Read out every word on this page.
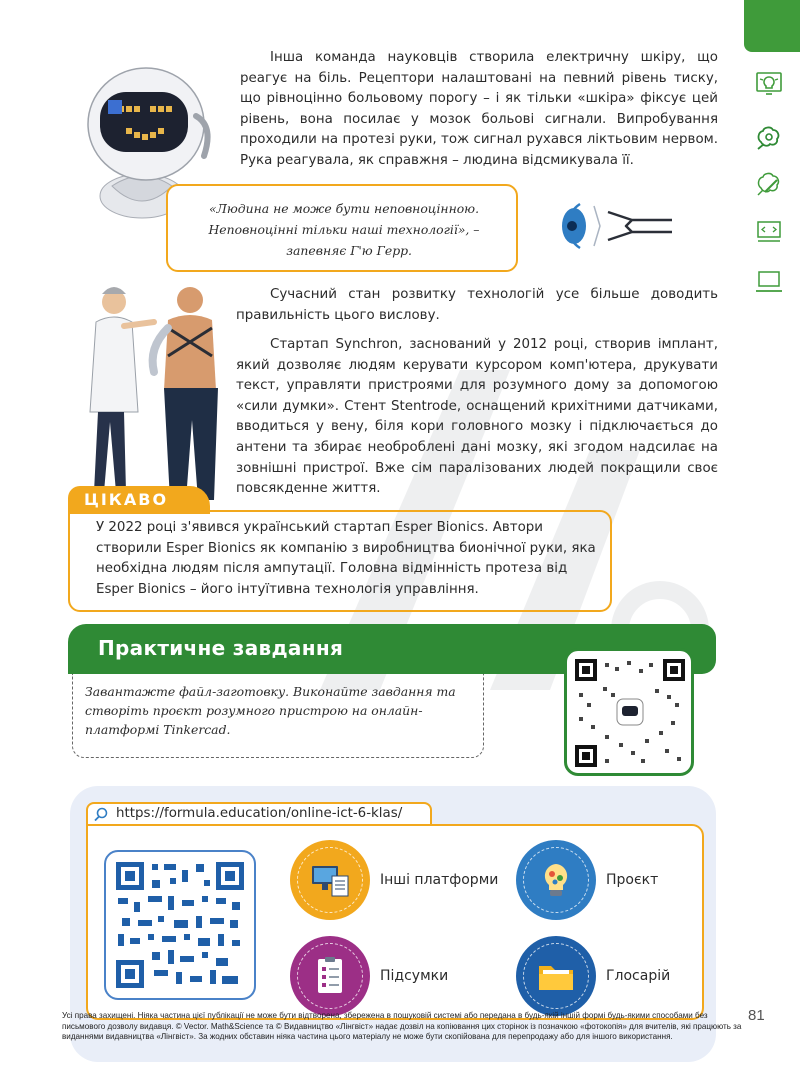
Інша команда науковців створила електричну шкіру, що реагує на біль. Рецептори налаштовані на певний рівень тиску, що рівноцінно больовому порогу – і як тільки «шкіра» фіксує цей рівень, вона посилає у мозок больові сигнали. Випробування проходили на протезі руки, тож сигнал рухався ліктьовим нервом. Рука реагувала, як справжня – людина відсмикувала її.

«Людина не може бути неповноцінною.
Неповноцінні тільки наші технології», –
запевняє Г'ю Герр.

Сучасний стан розвитку технологій усе більше доводить правильність цього вислову.

Стартап Synchron, заснований у 2012 році, створив імплант, який дозволяє людям керувати курсором комп'ютера, друкувати текст, управляти пристроями для розумного дому за допомогою «сили думки». Стент Stentrode, оснащений крихітними датчиками, вводиться у вену, біля кори головного мозку і підключається до антени та збирає необроблені дані мозку, які згодом надсилає на зовнішні пристрої. Вже сім паралізованих людей покращили своє повсякденне життя.

ЦІКАВО

У 2022 році з'явився український стартап Esper Bionics. Автори створили Esper Bionics як компанію з виробництва бионічної руки, яка необхідна людям після ампутації. Головна відмінність протеза від Esper Bionics – його інтуїтивна технологія управління.

Практичне завдання

Завантажте файл-заготовку. Виконайте завдання та створіть проєкт розумного пристрою на онлайн-платформі Tinkercad.

https://formula.education/online-ict-6-klas/
Інші платформи	Проєкт
Підсумки	Глосарій

Усі права захищені. Ніяка частина цієї публікації не може бути відтворена, збережена в пошуковій системі або передана в будь-якій іншій формі будь-якими способами без письмового дозволу видавця. © Vector. Math&Science та © Видавництво «Лінгвіст» надає дозвіл на копіювання цих сторінок із позначкою «фотокопія» для вчителів, які працюють за виданнями видавництва «Лінгвіст». За жодних обставин ніяка частина цього матеріалу не може бути скопійована для перепродажу або для іншого використання.

81
